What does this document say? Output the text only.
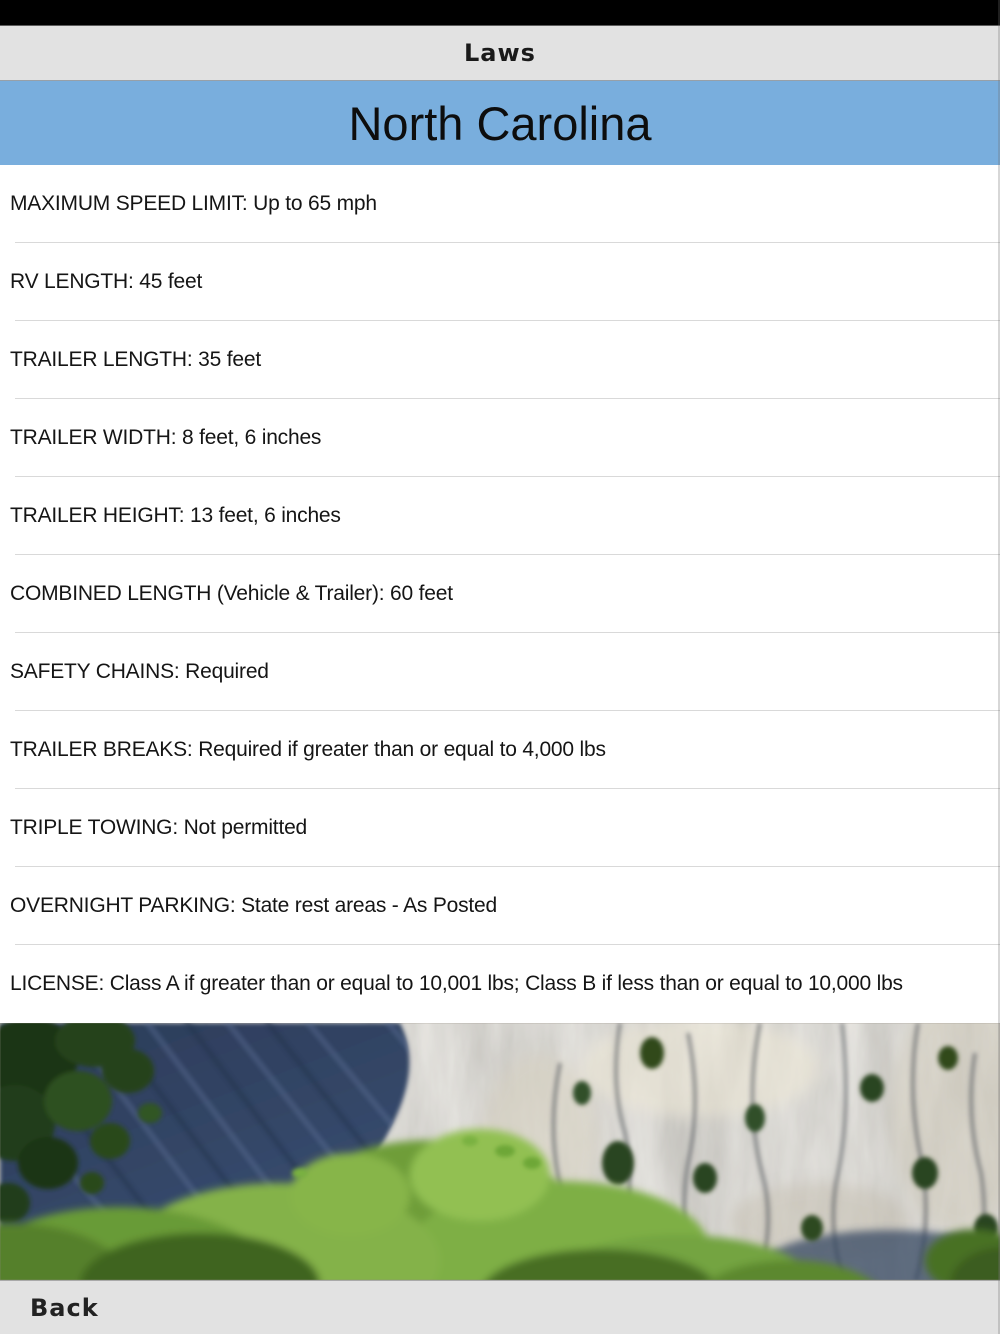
Laws
North Carolina
MAXIMUM SPEED LIMIT: Up to 65 mph
RV LENGTH: 45 feet
TRAILER LENGTH: 35 feet
TRAILER WIDTH: 8 feet, 6 inches
TRAILER HEIGHT: 13 feet, 6 inches
COMBINED LENGTH (Vehicle & Trailer): 60 feet
SAFETY CHAINS: Required
TRAILER BREAKS: Required if greater than or equal to 4,000 lbs
TRIPLE TOWING: Not permitted
OVERNIGHT PARKING: State rest areas - As Posted
LICENSE: Class A if greater than or equal to 10,001 lbs; Class B if less than or equal to 10,000 lbs
Back
